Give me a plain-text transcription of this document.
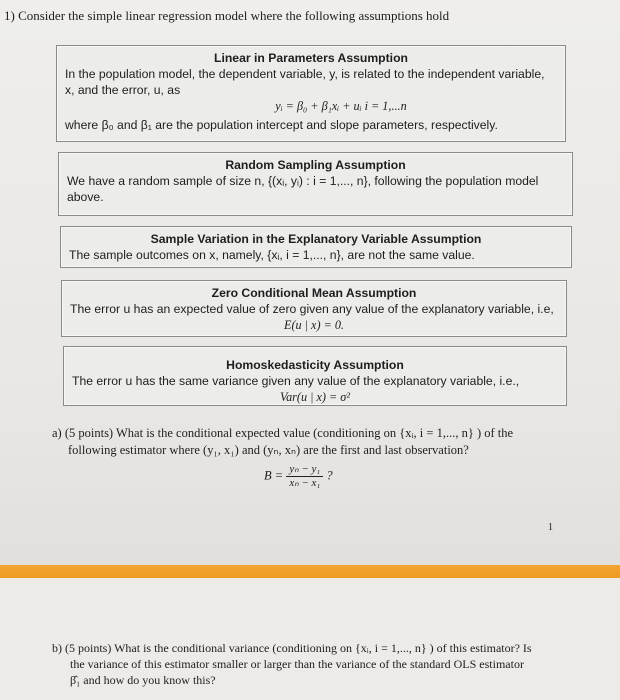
1) Consider the simple linear regression model where the following assumptions hold
Linear in Parameters Assumption
In the population model, the dependent variable, y, is related to the independent variable, x, and the error, u, as
yᵢ = β₀ + β₁xᵢ + uᵢ i = 1,...n
where β₀ and β₁ are the population intercept and slope parameters, respectively.
Random Sampling Assumption
We have a random sample of size n, {(xᵢ, yᵢ) : i = 1,..., n}, following the population model above.
Sample Variation in the Explanatory Variable Assumption
The sample outcomes on x, namely, {xᵢ, i = 1,..., n}, are not the same value.
Zero Conditional Mean Assumption
The error u has an expected value of zero given any value of the explanatory variable, i.e,
E(u | x) = 0.
Homoskedasticity Assumption
The error u has the same variance given any value of the explanatory variable, i.e.,
Var(u | x) = σ²
a) (5 points) What is the conditional expected value (conditioning on {xᵢ, i = 1,..., n} ) of the
following estimator where (y₁, x₁) and (yₙ, xₙ) are the first and last observation?
$B = \frac{\text{yₙ − y₁}}{\text{xₙ − x₁}}$ ?
1
b) (5 points) What is the conditional variance (conditioning on {xᵢ, i = 1,..., n} ) of this estimator? Is
the variance of this estimator smaller or larger than the variance of the standard OLS estimator
β̂₁ and how do you know this?
